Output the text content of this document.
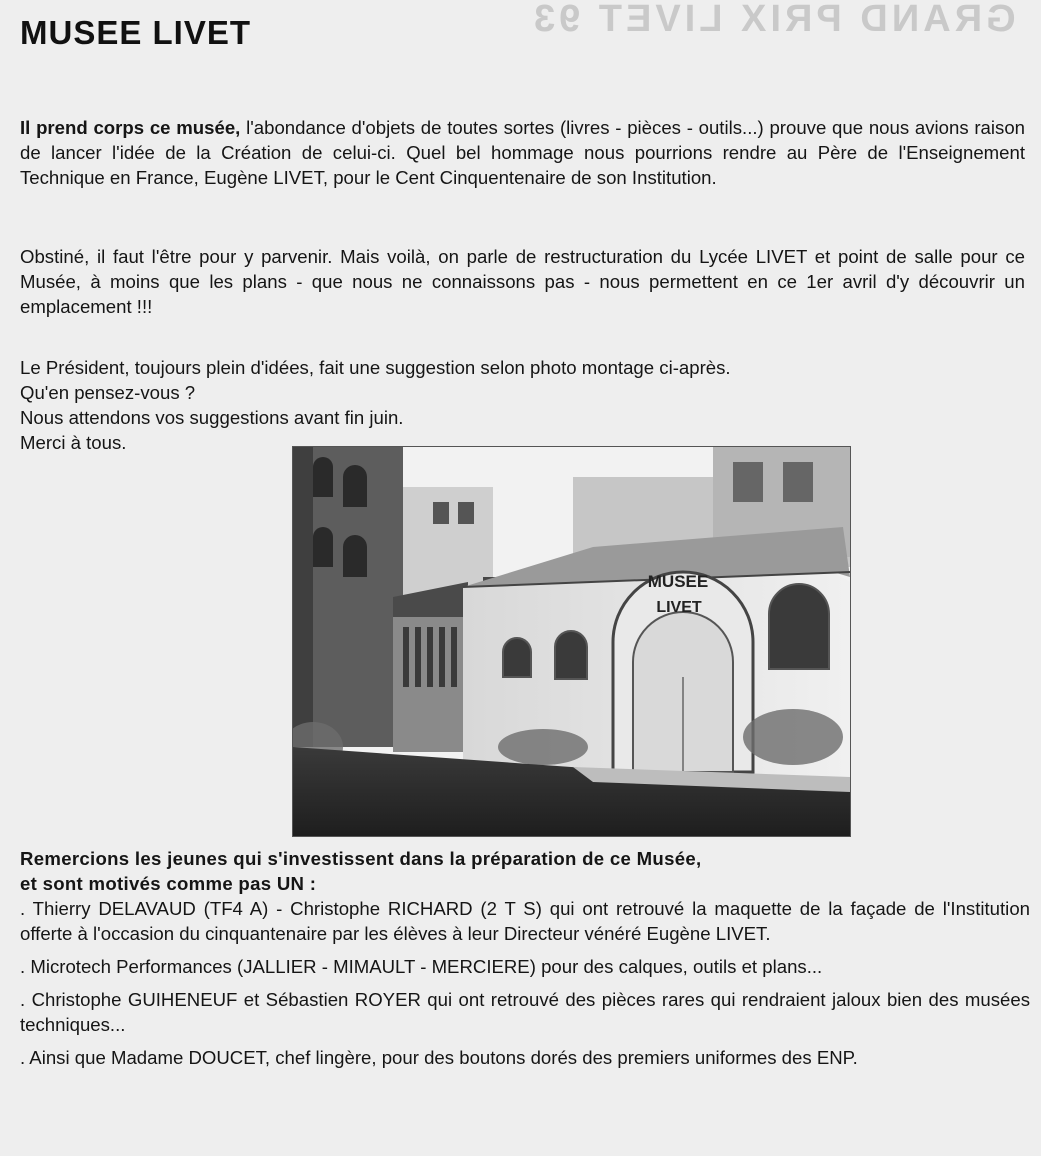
GRAND PRIX LIVET 93
MUSEE LIVET

Il prend corps ce musée, l'abondance d'objets de toutes sortes (livres - pièces - outils...) prouve que nous avions raison de lancer l'idée de la Création de celui-ci. Quel bel hommage nous pourrions rendre au Père de l'Enseignement Technique en France, Eugène LIVET, pour le Cent Cinquentenaire de son Institution.

Obstiné, il faut l'être pour y parvenir. Mais voilà, on parle de restructuration du Lycée LIVET et point de salle pour ce Musée, à moins que les plans - que nous ne connaissons pas - nous permettent en ce 1er avril d'y découvrir un emplacement !!!

Le Président, toujours plein d'idées, fait une suggestion selon photo montage ci-après.
Qu'en pensez-vous ?
Nous attendons vos suggestions avant fin juin.
Merci à tous.
MUSEE
LIVET
Remercions les jeunes qui s'investissent dans la préparation de ce Musée,
et sont motivés comme pas UN :
. Thierry DELAVAUD (TF4 A) - Christophe RICHARD (2 T S) qui ont retrouvé la maquette de la façade de l'Institution offerte à l'occasion du cinquantenaire par les élèves à leur Directeur vénéré Eugène LIVET.
. Microtech Performances (JALLIER - MIMAULT - MERCIERE) pour des calques, outils et plans...
. Christophe GUIHENEUF et Sébastien ROYER qui ont retrouvé des pièces rares qui rendraient jaloux bien des musées techniques...
. Ainsi que Madame DOUCET, chef lingère, pour des boutons dorés des premiers uniformes des ENP.
